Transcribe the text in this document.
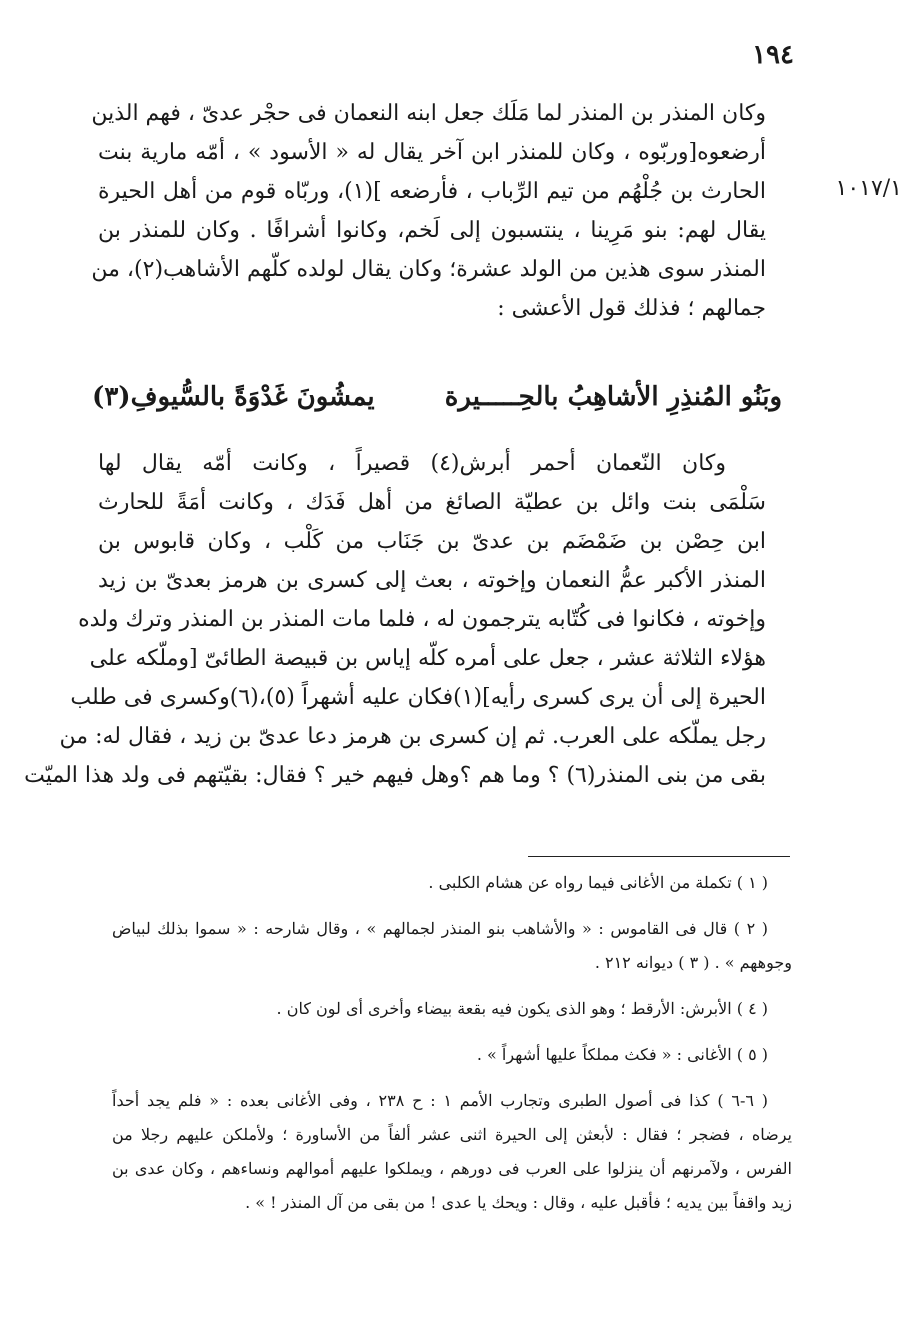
١٩٤
١٠١٧/١
وكان المنذر بن المنذر لما مَلَك جعل ابنه النعمان فى حجْر عدىّ ، فهم الذين
أرضعوه[وربّوه ، وكان للمنذر ابن آخر يقال له « الأسود » ، أمّه مارية بنت
الحارث بن جُلْهُم من تيم الرِّباب ، فأرضعه ](١)، وربّاه قوم من أهل الحيرة
يقال لهم: بنو مَرِينا ، ينتسبون إلى لَخم، وكانوا أشرافًا . وكان للمنذر بن
المنذر سوى هذين من الولد عشرة؛ وكان يقال لولده كلّهم الأشاهب(٢)، من
جمالهم ؛ فذلك قول الأعشى :
وبَنُو المُنذِرِ الأشاهِبُ بالحِـــــيرة
يمشُونَ غَدْوَةً بالسُّيوفِ(٣)
وكان النّعمان أحمر أبرش(٤) قصيراً ، وكانت أمّه يقال لها
سَلْمَى بنت وائل بن عطيّة الصائغ من أهل فَدَك ، وكانت أمَةً للحارث
ابن حِصْن بن ضَمْضَم بن عدىّ بن جَنَاب من كَلْب ، وكان قابوس بن
المنذر الأكبر عمُّ النعمان وإخوته ، بعث إلى كسرى بن هرمز بعدىّ بن زيد
وإخوته ، فكانوا فى كُتّابه يترجمون له ، فلما مات المنذر بن المنذر وترك ولده
هؤلاء الثلاثة عشر ، جعل على أمره كلّه إياس بن قبيصة الطائىّ [وملّكه على
الحيرة إلى أن يرى كسرى رأيه](١)فكان عليه أشهراً (٥)،(٦)وكسرى فى طلب
رجل يملّكه على العرب. ثم إن كسرى بن هرمز دعا عدىّ بن زيد ، فقال له: من
بقى من بنى المنذر(٦) ؟ وما هم ؟وهل فيهم خير ؟ فقال: بقيّتهم فى ولد هذا الميّت
( ١ ) تكملة من الأغانى فيما رواه عن هشام الكلبى .
( ٢ ) قال فى القاموس : « والأشاهب بنو المنذر لجمالهم » ، وقال شارحه : « سموا بذلك لبياض
وجوههم » . ( ٣ ) ديوانه ٢١٢ .
( ٤ ) الأبرش: الأرقط ؛ وهو الذى يكون فيه بقعة بيضاء وأخرى أى لون كان .
( ٥ ) الأغانى : « فكث مملكاً عليها أشهراً » .
( ٦-٦ ) كذا فى أصول الطبرى وتجارب الأمم ١ : ح ٢٣٨ ، وفى الأغانى بعده : « فلم يجد أحداً
يرضاه ، فضجر ؛ فقال : لأبعثن إلى الحيرة اثنى عشر ألفاً من الأساورة ؛ ولأملكن عليهم رجلا من
الفرس ، ولآمرنهم أن ينزلوا على العرب فى دورهم ، ويملكوا عليهم أموالهم ونساءهم ، وكان عدى بن
زيد واقفاً بين يديه ؛ فأقبل عليه ، وقال : ويحك يا عدى ! من بقى من آل المنذر ! » .
